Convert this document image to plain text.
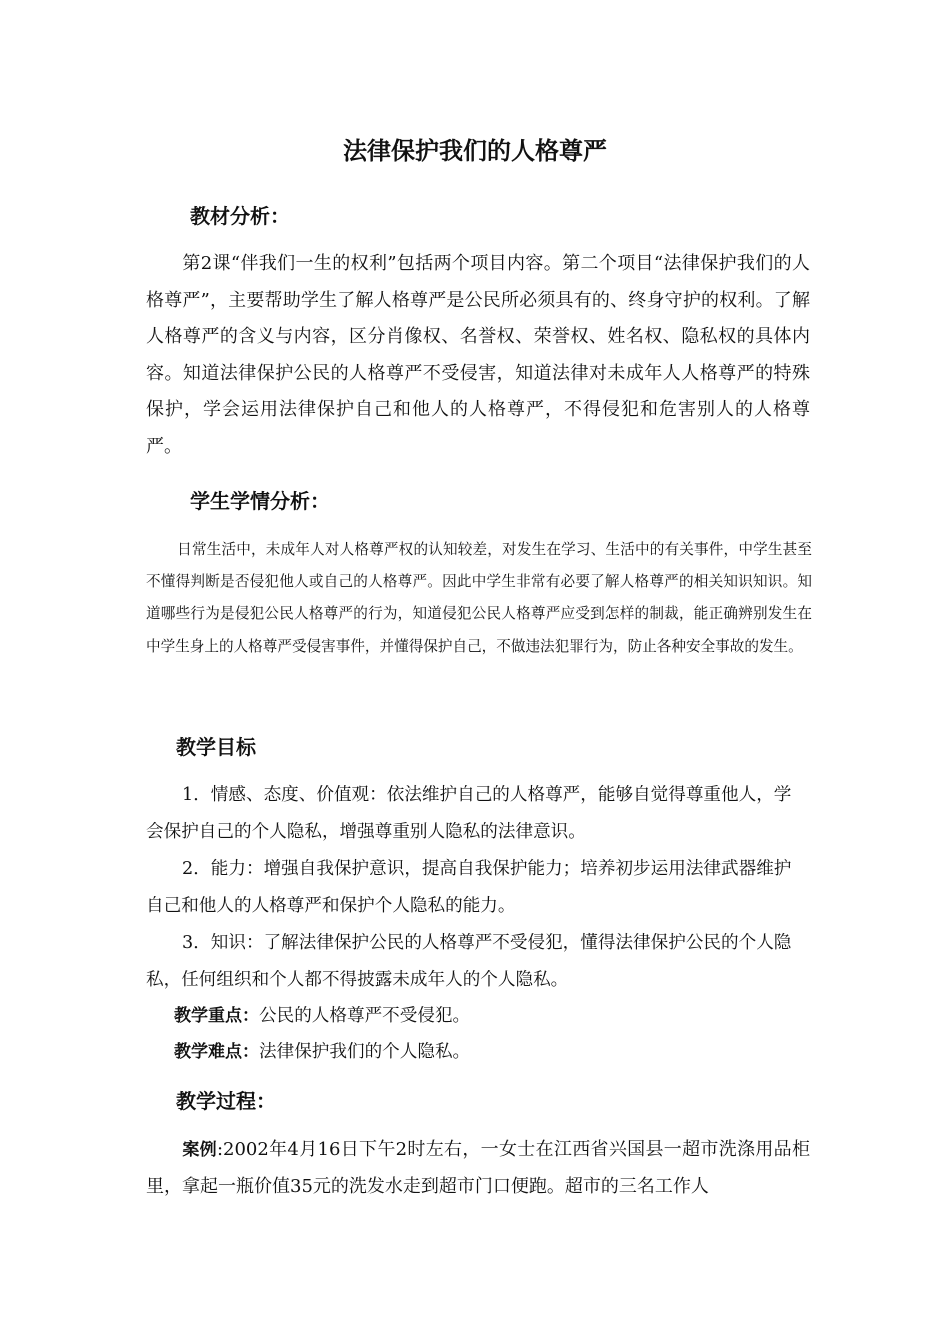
法律保护我们的人格尊严
教材分析：

第2课“伴我们一生的权利”包括两个项目内容。第二个项目“法律保护我们的人格尊严”，主要帮助学生了解人格尊严是公民所必须具有的、终身守护的权利。了解人格尊严的含义与内容，区分肖像权、名誉权、荣誉权、姓名权、隐私权的具体内容。知道法律保护公民的人格尊严不受侵害，知道法律对未成年人人格尊严的特殊保护，学会运用法律保护自己和他人的人格尊严，不得侵犯和危害别人的人格尊严。

学生学情分析：

日常生活中，未成年人对人格尊严权的认知较差，对发生在学习、生活中的有关事件，中学生甚至不懂得判断是否侵犯他人或自己的人格尊严。因此中学生非常有必要了解人格尊严的相关知识知识。知道哪些行为是侵犯公民人格尊严的行为，知道侵犯公民人格尊严应受到怎样的制裁，能正确辨别发生在中学生身上的人格尊严受侵害事件，并懂得保护自己，不做违法犯罪行为，防止各种安全事故的发生。

教学目标

1．情感、态度、价值观：依法维护自己的人格尊严，能够自觉得尊重他人，学会保护自己的个人隐私，增强尊重别人隐私的法律意识。

2．能力：增强自我保护意识，提高自我保护能力；培养初步运用法律武器维护自己和他人的人格尊严和保护个人隐私的能力。

3．知识：了解法律保护公民的人格尊严不受侵犯，懂得法律保护公民的个人隐私，任何组织和个人都不得披露未成年人的个人隐私。

教学重点：公民的人格尊严不受侵犯。
教学难点：法律保护我们的个人隐私。
教学过程：

案例:2002年4月16日下午2时左右，一女士在江西省兴国县一超市洗涤用品柜里，拿起一瓶价值35元的洗发水走到超市门口便跑。超市的三名工作人
